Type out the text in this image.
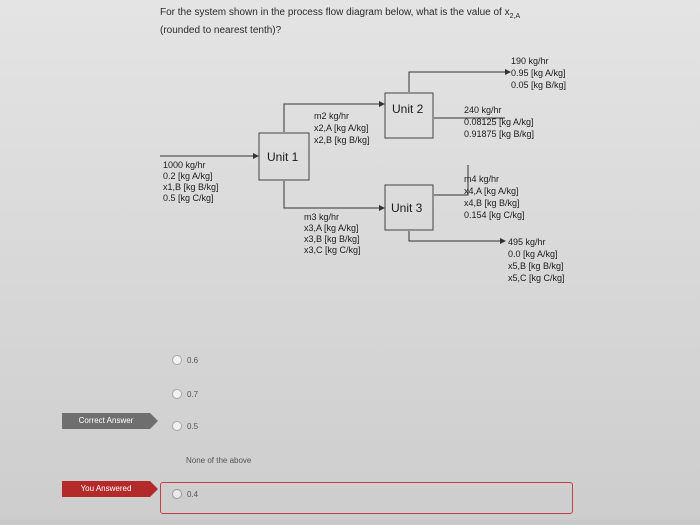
For the system shown in the process flow diagram below, what is the value of $x_{2,A}$
(rounded to nearest tenth)?
Unit 1
Unit 2
Unit 3
1000 kg/hr
0.2 [kg A/kg]
x1,B [kg B/kg]
0.5 [kg C/kg]
m2 kg/hr
x2,A [kg A/kg]
x2,B [kg B/kg]
m3 kg/hr
x3,A [kg A/kg]
x3,B [kg B/kg]
x3,C [kg C/kg]
190 kg/hr
0.95 [kg A/kg]
0.05 [kg B/kg]
240 kg/hr
0.08125 [kg A/kg]
0.91875 [kg B/kg]
m4 kg/hr
x4,A [kg A/kg]
x4,B [kg B/kg]
0.154 [kg C/kg]
495 kg/hr
0.0 [kg A/kg]
x5,B [kg B/kg]
x5,C [kg C/kg]
0.6
0.7
0.5
None of the above
0.4
Correct Answer
You Answered
